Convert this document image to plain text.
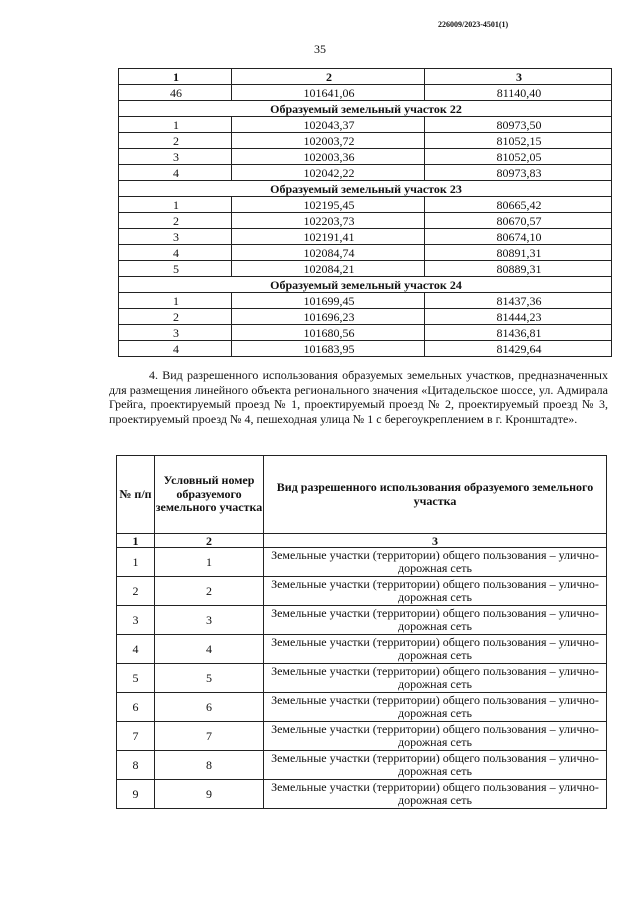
226009/2023-4501(1)
35
1	2	3
46	101641,06	81140,40
Образуемый земельный участок 22		
1	102043,37	80973,50
2	102003,72	81052,15
3	102003,36	81052,05
4	102042,22	80973,83
Образуемый земельный участок 23		
1	102195,45	80665,42
2	102203,73	80670,57
3	102191,41	80674,10
4	102084,74	80891,31
5	102084,21	80889,31
Образуемый земельный участок 24		
1	101699,45	81437,36
2	101696,23	81444,23
3	101680,56	81436,81
4	101683,95	81429,64
4. Вид разрешенного использования образуемых земельных участков, предназначенных для размещения линейного объекта регионального значения «Цитадельское шоссе, ул. Адмирала Грейга, проектируемый проезд № 1, проектируемый проезд № 2, проектируемый проезд № 3, проектируемый проезд № 4, пешеходная улица № 1 с берегоукреплением в г. Кронштадте».
№ п/п	Условный номер образуемого земельного участка	Вид разрешенного использования образуемого земельного участка
1	2	3
1	1	Земельные участки (территории) общего пользования – улично-дорожная сеть
2	2	Земельные участки (территории) общего пользования – улично-дорожная сеть
3	3	Земельные участки (территории) общего пользования – улично-дорожная сеть
4	4	Земельные участки (территории) общего пользования – улично-дорожная сеть
5	5	Земельные участки (территории) общего пользования – улично-дорожная сеть
6	6	Земельные участки (территории) общего пользования – улично-дорожная сеть
7	7	Земельные участки (территории) общего пользования – улично-дорожная сеть
8	8	Земельные участки (территории) общего пользования – улично-дорожная сеть
9	9	Земельные участки (территории) общего пользования – улично-дорожная сеть
